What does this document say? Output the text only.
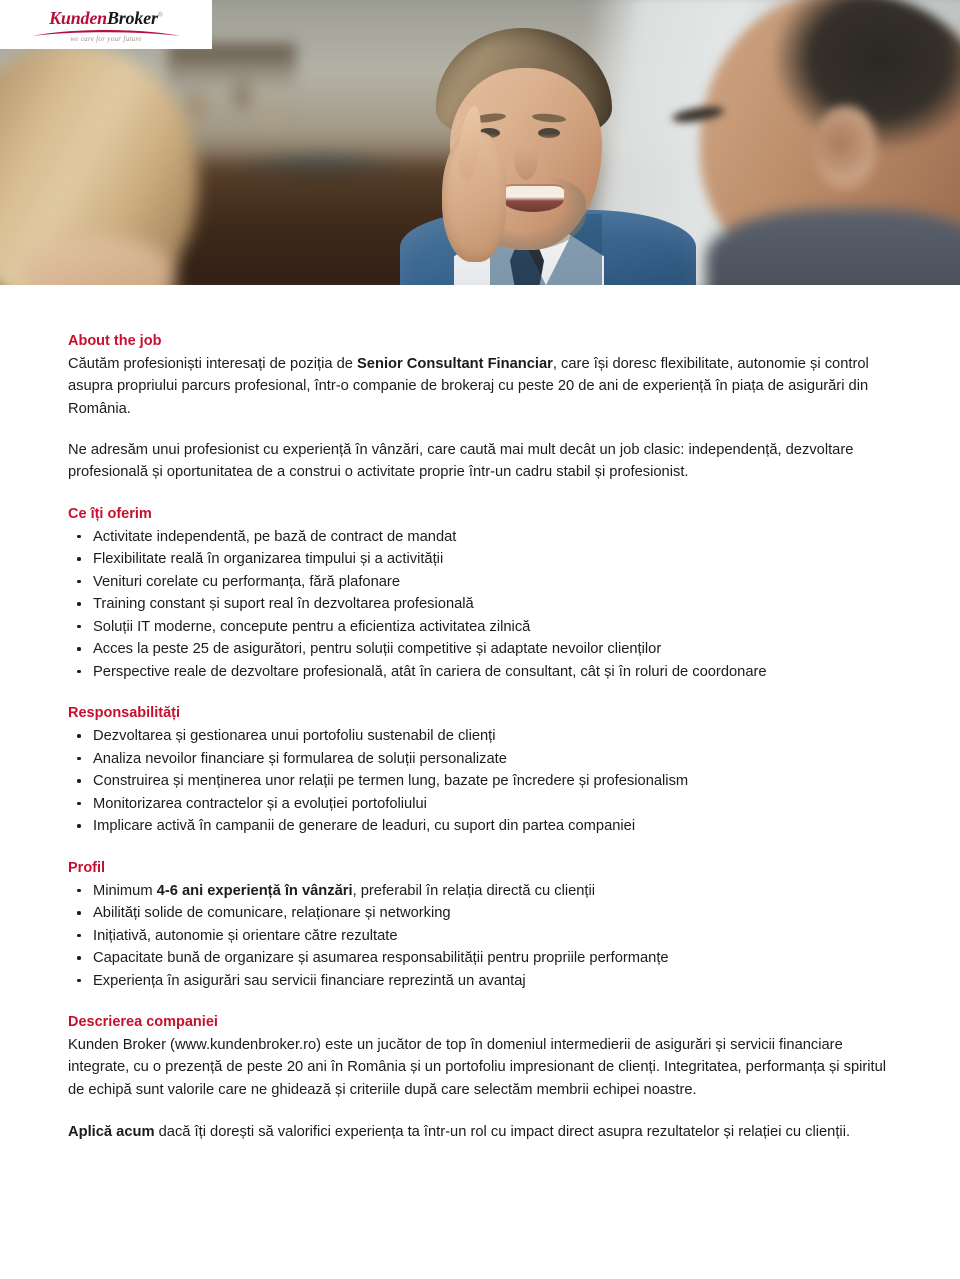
KundenBroker®
we care for your future
About the job

Căutăm profesioniști interesați de poziția de Senior Consultant Financiar, care își doresc flexibilitate, autonomie și control asupra propriului parcurs profesional, într-o companie de brokeraj cu peste 20 de ani de experiență în piața de asigurări din România.

Ne adresăm unui profesionist cu experiență în vânzări, care caută mai mult decât un job clasic: independență, dezvoltare profesională și oportunitatea de a construi o activitate proprie într-un cadru stabil și profesionist.

Ce îți oferim
Activitate independentă, pe bază de contract de mandat
Flexibilitate reală în organizarea timpului și a activității
Venituri corelate cu performanța, fără plafonare
Training constant și suport real în dezvoltarea profesională
Soluții IT moderne, concepute pentru a eficientiza activitatea zilnică
Acces la peste 25 de asigurători, pentru soluții competitive și adaptate nevoilor clienților
Perspective reale de dezvoltare profesională, atât în cariera de consultant, cât și în roluri de coordonare
Responsabilități
Dezvoltarea și gestionarea unui portofoliu sustenabil de clienți
Analiza nevoilor financiare și formularea de soluții personalizate
Construirea și menținerea unor relații pe termen lung, bazate pe încredere și profesionalism
Monitorizarea contractelor și a evoluției portofoliului
Implicare activă în campanii de generare de leaduri, cu suport din partea companiei
Profil
Minimum 4-6 ani experiență în vânzări, preferabil în relația directă cu clienții
Abilități solide de comunicare, relaționare și networking
Inițiativă, autonomie și orientare către rezultate
Capacitate bună de organizare și asumarea responsabilității pentru propriile performanțe
Experiența în asigurări sau servicii financiare reprezintă un avantaj
Descrierea companiei

Kunden Broker (www.kundenbroker.ro) este un jucător de top în domeniul intermedierii de asigurări și servicii financiare integrate, cu o prezență de peste 20 ani în România și un portofoliu impresionant de clienți. Integritatea, performanța și spiritul de echipă sunt valorile care ne ghidează și criteriile după care selectăm membrii echipei noastre.

Aplică acum dacă îți dorești să valorifici experiența ta într-un rol cu impact direct asupra rezultatelor și relației cu clienții.
